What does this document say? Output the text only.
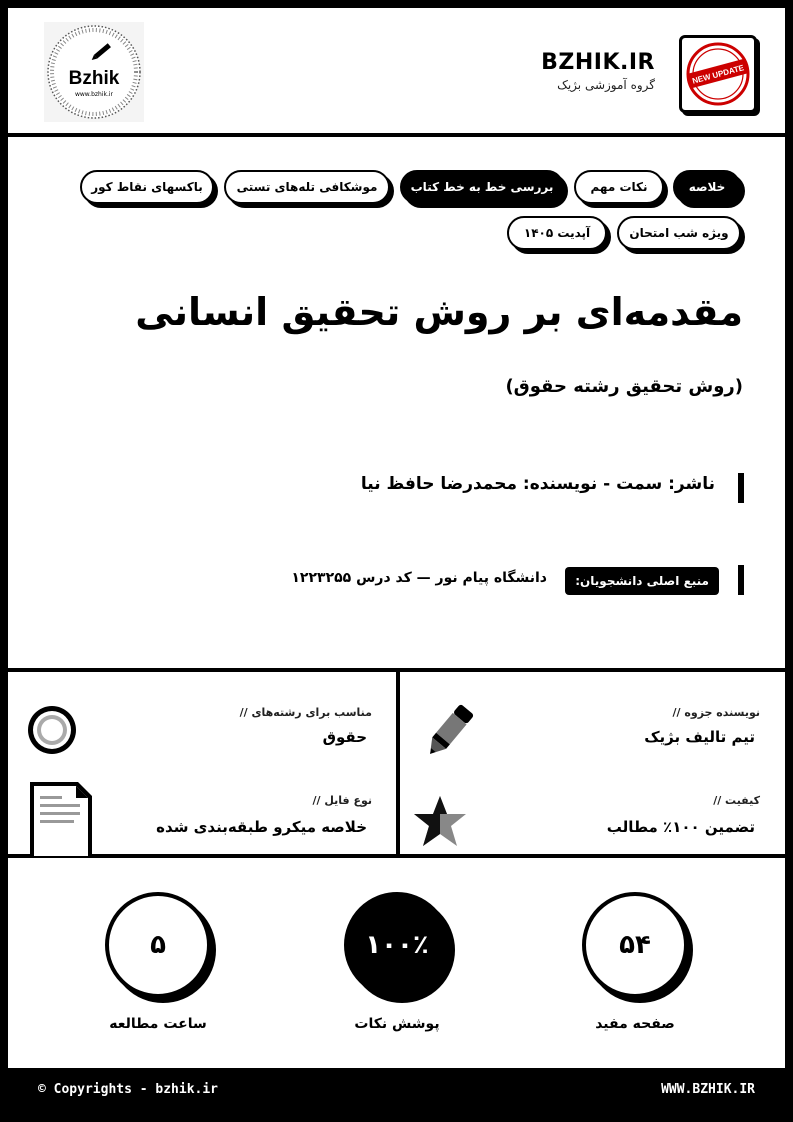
Bzhik
www.bzhik.ir
BZHIK.IR
گروه آموزشی بژیک	NEW UPDATE
خلاصه
نکات مهم
بررسی خط به خط کتاب
موشکافی تله‌های تستی
باکسهای نقاط کور
ویژه شب امتحان
آپدیت ۱۴۰۵
مقدمه‌ای بر روش تحقیق انسانی
(روش تحقیق رشته حقوق)
ناشر: سمت - نویسنده: محمدرضا حافظ نیا
منبع اصلی دانشجویان:
دانشگاه پیام نور — کد درس ۱۲۲۳۲۵۵
نویسنده جزوه //
تیم تالیف بژیک
کیفیت //
تضمین ۱۰۰٪ مطالب
مناسب برای رشته‌های //
حقوق
نوع فایل //
خلاصه میکرو طبقه‌بندی شده
۵
ساعت مطالعه
۱۰۰٪
پوشش نکات
۵۴
صفحه مفید
© Copyrights - bzhik.ir	WWW.BZHIK.IR
